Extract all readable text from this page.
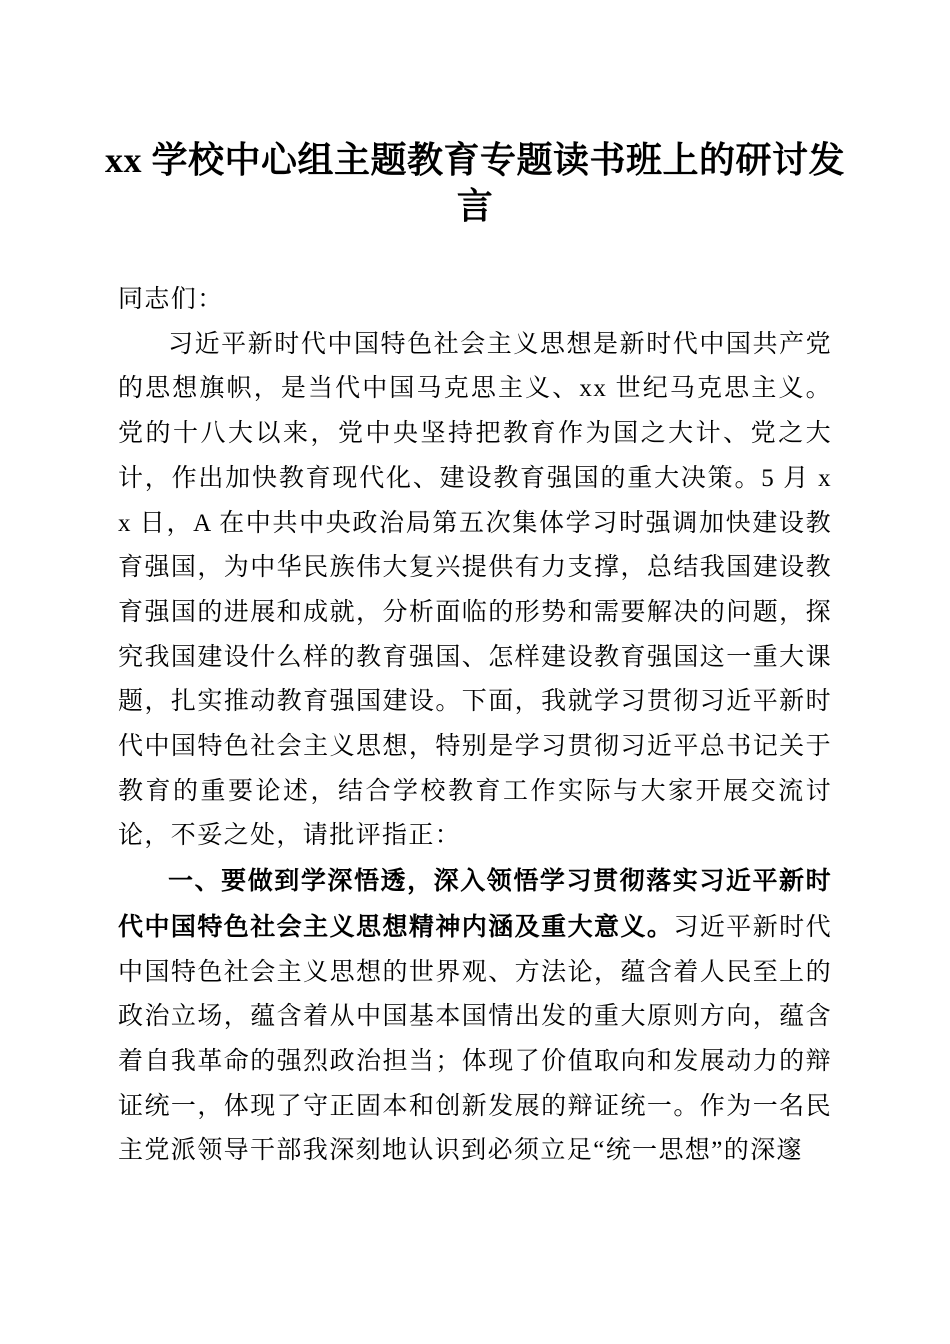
xx 学校中心组主题教育专题读书班上的研讨发言

同志们：

习近平新时代中国特色社会主义思想是新时代中国共产党的思想旗帜，是当代中国马克思主义、xx 世纪马克思主义。党的十八大以来，党中央坚持把教育作为国之大计、党之大计，作出加快教育现代化、建设教育强国的重大决策。5 月 xx 日，A 在中共中央政治局第五次集体学习时强调加快建设教育强国，为中华民族伟大复兴提供有力支撑，总结我国建设教育强国的进展和成就，分析面临的形势和需要解决的问题，探究我国建设什么样的教育强国、怎样建设教育强国这一重大课题，扎实推动教育强国建设。下面，我就学习贯彻习近平新时代中国特色社会主义思想，特别是学习贯彻习近平总书记关于教育的重要论述，结合学校教育工作实际与大家开展交流讨论，不妥之处，请批评指正：

一、要做到学深悟透，深入领悟学习贯彻落实习近平新时代中国特色社会主义思想精神内涵及重大意义。习近平新时代中国特色社会主义思想的世界观、方法论，蕴含着人民至上的政治立场，蕴含着从中国基本国情出发的重大原则方向，蕴含着自我革命的强烈政治担当；体现了价值取向和发展动力的辩证统一，体现了守正固本和创新发展的辩证统一。作为一名民主党派领导干部我深刻地认识到必须立足“统一思想”的深邃
